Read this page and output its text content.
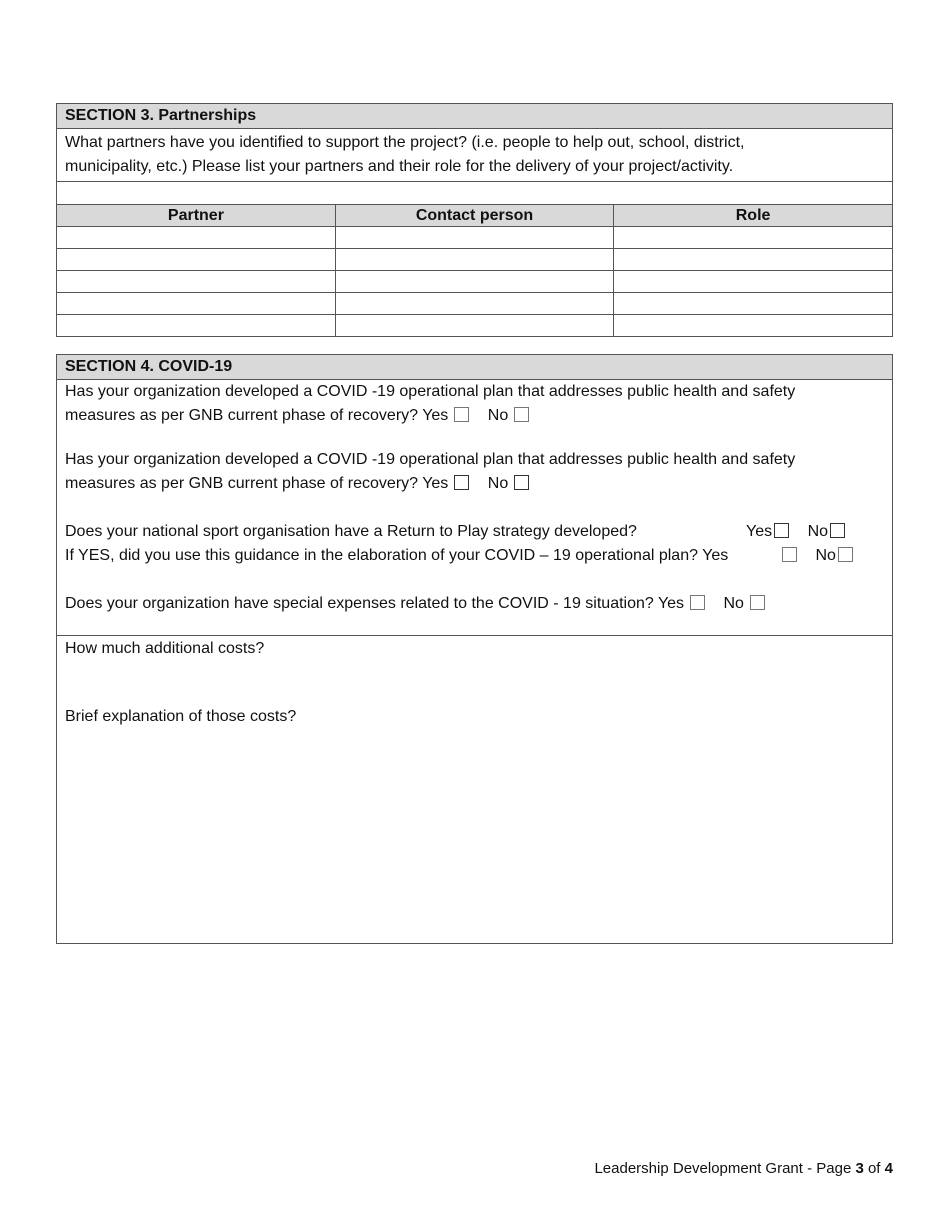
SECTION 3. Partnerships
What partners have you identified to support the project? (i.e. people to help out, school, district,
municipality, etc.) Please list your partners and their role for the delivery of your project/activity.
Partner	Contact person	Role

SECTION 4. COVID-19
Has your organization developed a COVID -19 operational plan that addresses public health and safety
measures as per GNB current phase of recovery? Yes No
Has your organization developed a COVID -19 operational plan that addresses public health and safety
measures as per GNB current phase of recovery? Yes No
Does your national sport organisation have a Return to Play strategy developed?	Yes No
If YES, did you use this guidance in the elaboration of your COVID – 19 operational plan? Yes	No
Does your organization have special expenses related to the COVID - 19 situation? Yes No
How much additional costs?
Brief explanation of those costs?
Leadership Development Grant - Page 3 of 4
